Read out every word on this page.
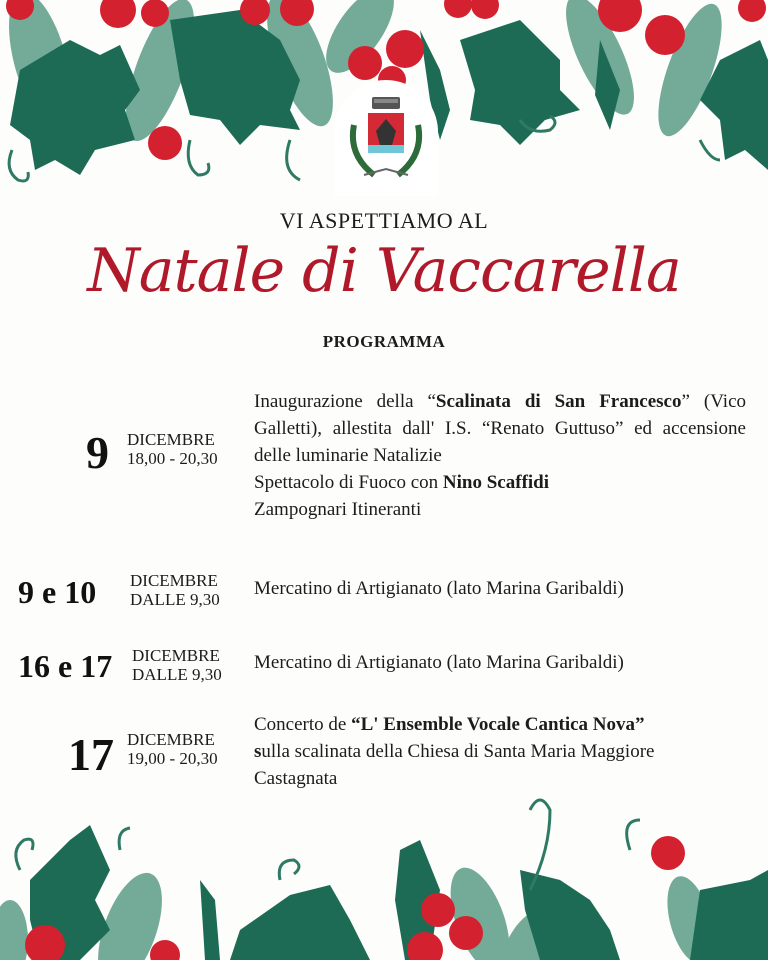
VI ASPETTIAMO AL
Natale di Vaccarella
PROGRAMMA
9 DICEMBRE
18,00 - 20,30
Inaugurazione della “Scalinata di San Francesco” (Vico Galletti), allestita dall' I.S. “Renato Guttuso” ed accensione delle luminarie Natalizie
Spettacolo di Fuoco con Nino Scaffidi
Zampognari Itineranti
9 e 10 DICEMBRE
DALLE 9,30
Mercatino di Artigianato (lato Marina Garibaldi)
16 e 17 DICEMBRE
DALLE 9,30
Mercatino di Artigianato (lato Marina Garibaldi)
17 DICEMBRE
19,00 - 20,30
Concerto de “L' Ensemble Vocale Cantica Nova”
sulla scalinata della Chiesa di Santa Maria Maggiore
Castagnata
